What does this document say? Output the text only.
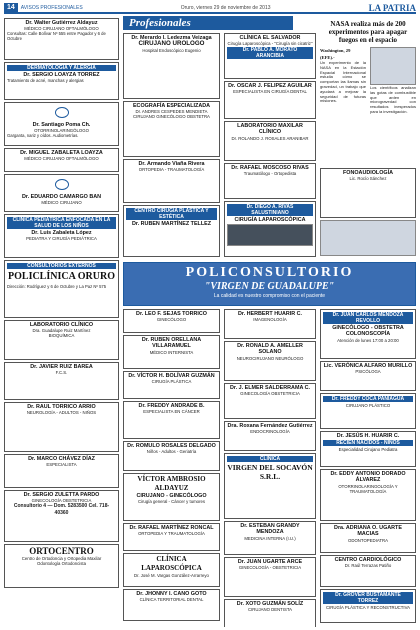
14	AVISOS PROFESIONALES	Oruro, viernes 29 de noviembre de 2013	LA PATRIA
Profesionales
Dr. Walter Gutiérrez Aldayuz
MÉDICO CIRUJANO OFTALMÓLOGO
Consultas: Calle Bolívar Nº 555 entre Pagador y 6 de Octubre
DERMATOLOGÍA Y ALERGIA
Dr. SERGIO LOAYZA TORREZ
Tratamiento de acné, manchas y alergias
Dr. Santiago Poma Ch.
OTORRINOLARINGÓLOGO
Garganta, nariz y oídos. Audiometrías.
Dr. MIGUEL ZABALETA LOAYZA
MÉDICO CIRUJANO OFTALMÓLOGO
Dr. EDUARDO CAMARGO BAN
MÉDICO CIRUJANO
CLÍNICA PEDIÁTRICA ENFOCADA EN LA SALUD DE LOS NIÑOS
Dr. Luis Zabaleta López
PEDIATRA Y CIRUGÍA PEDIÁTRICA
CONSULTORIOS EXTERNOS
POLICLÍNICA ORURO
Dirección: Rodríguez y 6 de Octubre y La Paz Nº 575
LABORATORIO CLÍNICO
Dra. Guadalupe Ruiz Martínez
BIOQUÍMICA
Dr. JAVIER RUIZ BAREA
F.C.S.
Dr. RAUL TORRICO ARRIO
NEUROLOGÍA - ADULTOS - NIÑOS
Dr. MARCO CHÁVEZ DÍAZ
ESPECIALISTA
Dr. SERGIO ZULETTA PARDO
GINECOLOGÍA OBSTETRICIA
Consultorio 4 — Dom. 5283500 Cel. 718-40360
ORTOCENTRO
Centro de Ortodoncia y Ortopedia Maxilar
Odontología Ortodoncista
Dr. Merardo I. Ledezma Veizaga
CIRUJANO UROLOGO
Hospital Endoscópico Eugenio
ECOGRAFÍA ESPECIALIZADA
Dr. ANDRES CESPEDES MENDIETA
CIRUJANO GINECÓLOGO OBSTETRA
Dr. Armando Viaña Rivera
ORTOPEDIA - TRAUMATOLOGÍA
CENTRO CIRUGÍA PLÁSTICA Y ESTÉTICA
Dr. RUBEN MARTÍNEZ TELLEZ
Dr. LEO F. SEJAS TORRICO
GINECÓLOGO
Dr. RUBEN ORELLANA VILLARAMUEL
MÉDICO INTERNISTA
Dr. VÍCTOR H. BOLÍVAR GUZMÁN
CIRUGÍA PLÁSTICA
Dr. FREDDY ANDRADE B.
ESPECIALISTA EN CÁNCER
Dr. ROMULO ROSALES DELGADO
Niños - Adultos - Geriatría
VÍCTOR AMBROSIO ALDAYUZ
CIRUJANO - GINECÓLOGO
Cirugía general - Cáncer y tumores
Dr. RAFAEL MARTÍNEZ RONCAL
ORTOPEDIA Y TRAUMATOLOGÍA
CLÍNICA LAPAROSCÓPICA
Dr. José M. Vargas González-Arrarreyo
Dr. JHONNY I. CANO GOTO
CLÍNICA TERRITORIAL DENTAL
CLÍNICA EL SALVADOR
Cirugía Laparoscópica - "Cirugía sin cicatriz"
Dr. PABLO A. MORATO ARANCIBIA
Dr. OSCAR J. FELIPEZ AGUILAR
ESPECIALISTA EN CIRUGÍA DENTAL
LABORATORIO MAXILAR CLÍNICO
Dr. ROLANDO J. ROSALES ARANIBAR
Dr. RAFAEL MOSCOSO RIVAS
Traumatólogo - Ortopedista
Dr. DIEGO A. RIVAS SALUSTINIANO
CIRUGÍA LAPAROSCÓPICA
NASA realiza más de 200 experimentos para apagar fuegos en el espacio
Washington, 29 (EFE).-
Un experimento de la NASA en la Estación Espacial Internacional estudia cómo se comportan las llamas sin gravedad, un trabajo que ayudará a mejorar la seguridad de futuras misiones.
Los científicos analizan las gotas de combustible que arden en microgravedad con resultados inesperados para la investigación.
FONOAUDIOLOGÍA
Lic. Rocío Sánchez
POLICONSULTORIO
"VIRGEN DE GUADALUPE"
La calidad es nuestro compromiso con el paciente
Dr. HERBERT HUARIR C.
IMAGENOLOGÍA
Dr. RONALD A. AMELLER SOLANO
NEUROCIRUJANO NEURÓLOGO
Dr. J. ELMER SALDERRAMA C.
GINECOLOGÍA OBSTETRICIA
Dra. Roxana Fernández Gutiérrez
ENDOCRINOLOGÍA
CLÍNICA
VIRGEN DEL SOCAVÓN S.R.L.
Dr. ESTEBAN GRANDY MENDOZA
MEDICINA INTERNA (I.U.)
Dr. JUAN UGARTE ARCE
GINECOLOGÍA - OBSTETRICIA
Dr. XOTO GUZMÁN SOLÍZ
CIRUJANO DENTISTA
Dr. JUAN CARLOS MENDOZA REVOLLO
GINECÓLOGO - OBSTETRA COLONOSCOPÍA
Atención de lunes 17:00 a 20:00
Lic. VERÓNICA ALFARO MURILLO
PSICÓLOGA
Dr. FREDDY COCA PANIAGUA
CIRUJANO PLÁSTICO
Dr. JESÚS H. HUARIR C.
RECIÉN NACIDOS - NIÑOS
Especialidad Cirujano Pediatra
Dr. EDDY ANTONIO DORADO ÁLVAREZ
OTORRINOLARINGOLOGÍA Y TRAUMATOLOGÍA
Dra. ADRIANA O. UGARTE MACIAS
ODONTOPEDIATRA
CENTRO CARDIOLÓGICO
Dr. Raúl Terrazas Patiño
Dr. GROVER BUSTAMANTE TORREZ
CIRUGÍA PLÁSTICA Y RECONSTRUCTIVA
